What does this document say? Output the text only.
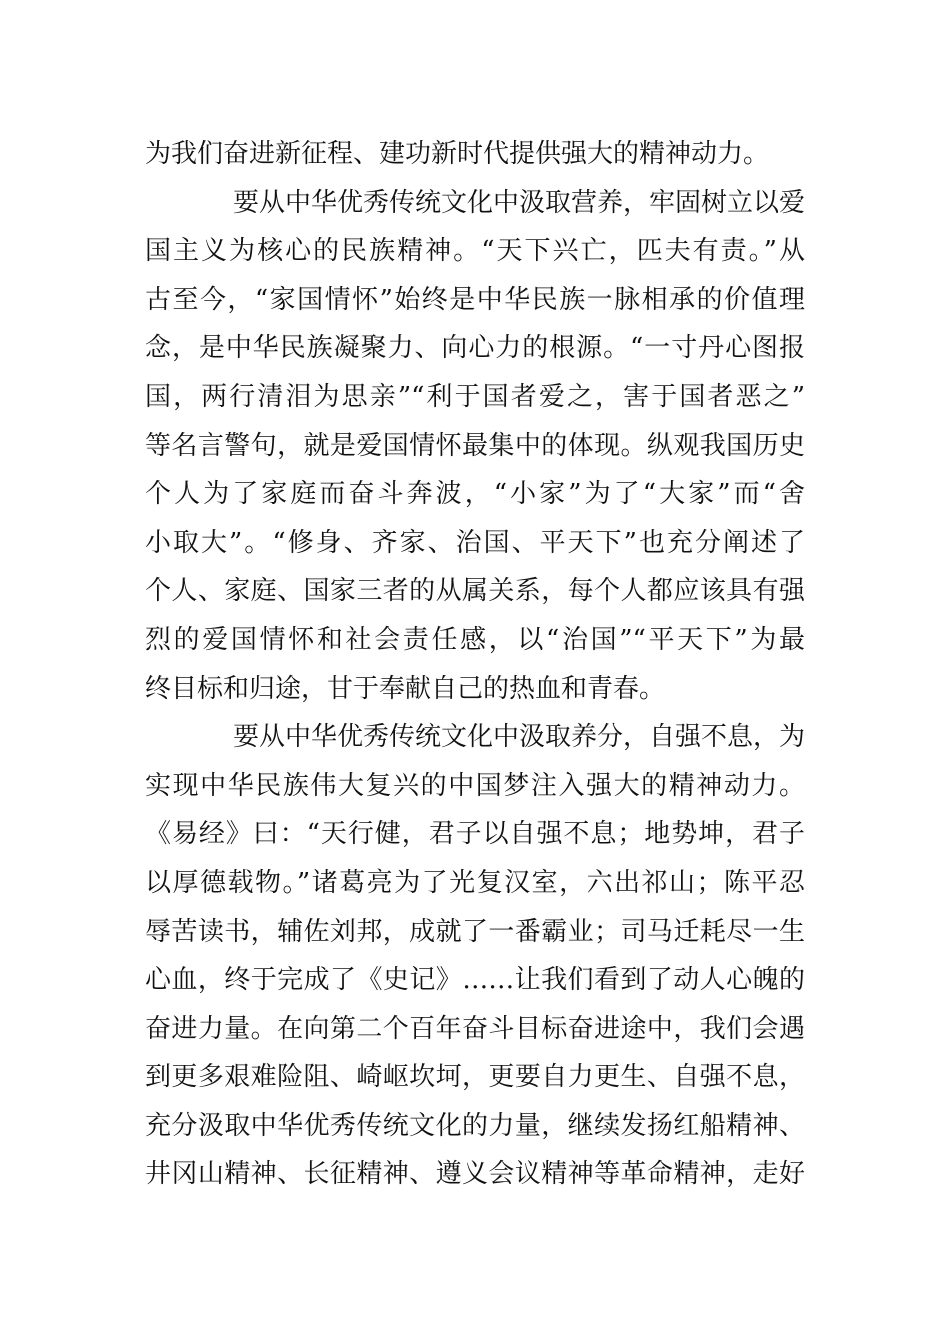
为我们奋进新征程、建功新时代提供强大的精神动力。
要从中华优秀传统文化中汲取营养，牢固树立以爱
国主义为核心的民族精神。“天下兴亡，匹夫有责。”从
古至今，“家国情怀”始终是中华民族一脉相承的价值理
念，是中华民族凝聚力、向心力的根源。“一寸丹心图报
国，两行清泪为思亲”“利于国者爱之，害于国者恶之”
等名言警句，就是爱国情怀最集中的体现。纵观我国历史
个人为了家庭而奋斗奔波，“小家”为了“大家”而“舍
小取大”。“修身、齐家、治国、平天下”也充分阐述了
个人、家庭、国家三者的从属关系，每个人都应该具有强
烈的爱国情怀和社会责任感，以“治国”“平天下”为最
终目标和归途，甘于奉献自己的热血和青春。
要从中华优秀传统文化中汲取养分，自强不息，为
实现中华民族伟大复兴的中国梦注入强大的精神动力。
《易经》曰：“天行健，君子以自强不息；地势坤，君子
以厚德载物。”诸葛亮为了光复汉室，六出祁山；陈平忍
辱苦读书，辅佐刘邦，成就了一番霸业；司马迁耗尽一生
心血，终于完成了《史记》……让我们看到了动人心魄的
奋进力量。在向第二个百年奋斗目标奋进途中，我们会遇
到更多艰难险阻、崎岖坎坷，更要自力更生、自强不息，
充分汲取中华优秀传统文化的力量，继续发扬红船精神、
井冈山精神、长征精神、遵义会议精神等革命精神，走好
